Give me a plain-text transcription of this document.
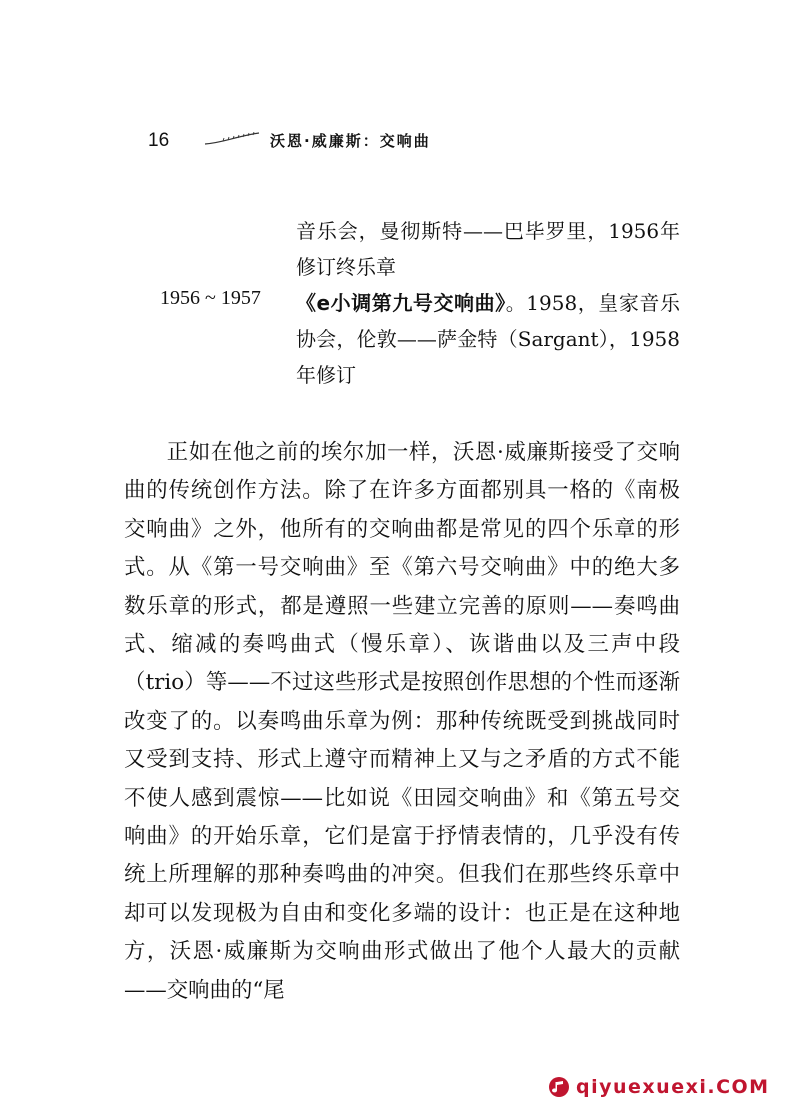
16	沃恩·威廉斯：交响曲
音乐会，曼彻斯特——巴毕罗里，1956年修订终乐章
1956 ~ 1957 《e小调第九号交响曲》。1958，皇家音乐协会，伦敦——萨金特（Sargant），1958年修订

正如在他之前的埃尔加一样，沃恩·威廉斯接受了交响曲的传统创作方法。除了在许多方面都别具一格的《南极交响曲》之外，他所有的交响曲都是常见的四个乐章的形式。从《第一号交响曲》至《第六号交响曲》中的绝大多数乐章的形式，都是遵照一些建立完善的原则——奏鸣曲式、缩减的奏鸣曲式（慢乐章）、诙谐曲以及三声中段（trio）等——不过这些形式是按照创作思想的个性而逐渐改变了的。以奏鸣曲乐章为例：那种传统既受到挑战同时又受到支持、形式上遵守而精神上又与之矛盾的方式不能不使人感到震惊——比如说《田园交响曲》和《第五号交响曲》的开始乐章，它们是富于抒情表情的，几乎没有传统上所理解的那种奏鸣曲的冲突。但我们在那些终乐章中却可以发现极为自由和变化多端的设计：也正是在这种地方，沃恩·威廉斯为交响曲形式做出了他个人最大的贡献——交响曲的“尾

qiyuexuexi.COM
